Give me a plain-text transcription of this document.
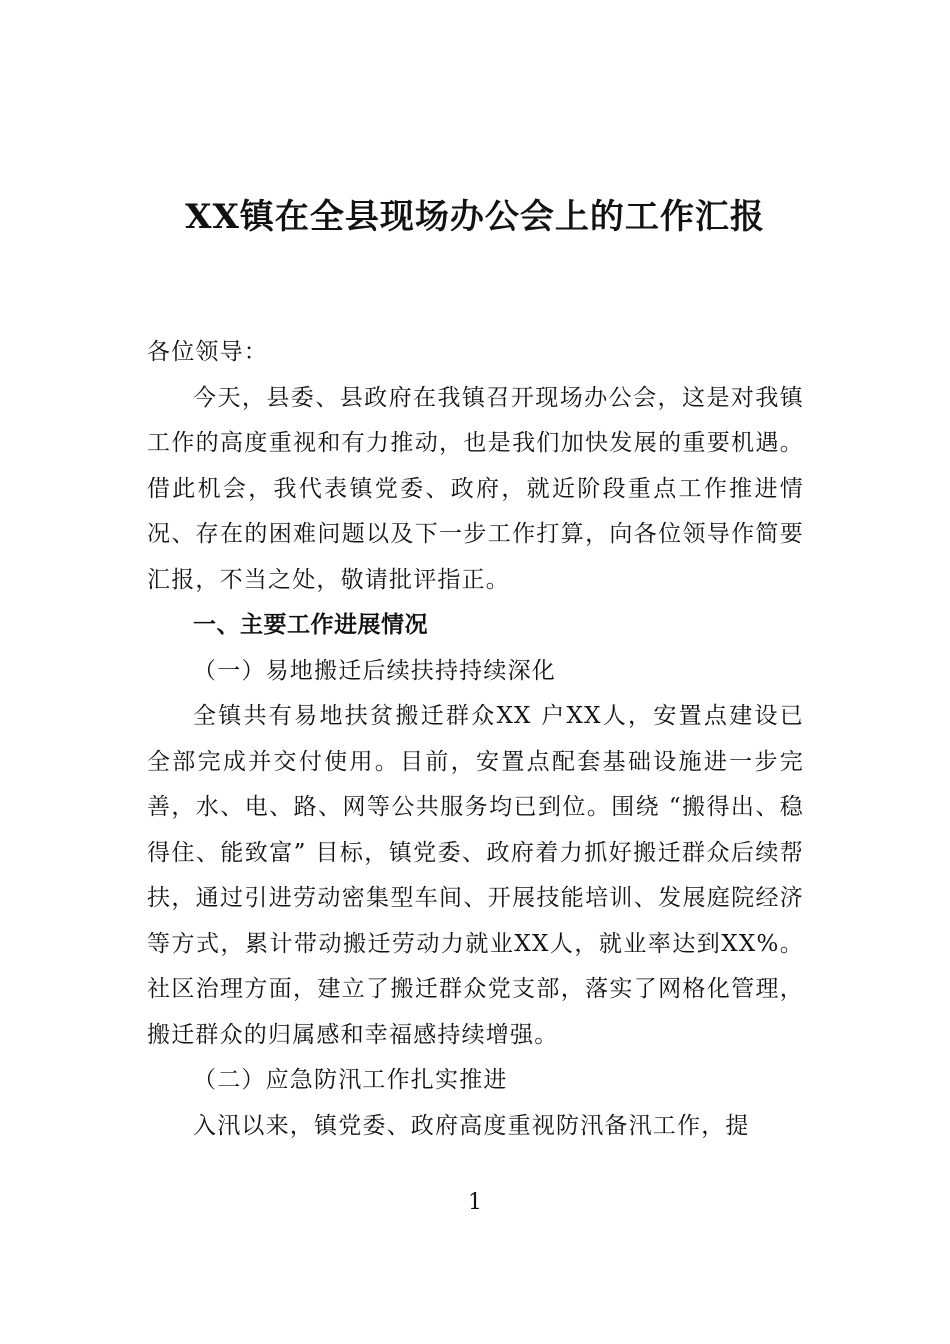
XX镇在全县现场办公会上的工作汇报

各位领导：

今天，县委、县政府在我镇召开现场办公会，这是对我镇工作的高度重视和有力推动，也是我们加快发展的重要机遇。借此机会，我代表镇党委、政府，就近阶段重点工作推进情况、存在的困难问题以及下一步工作打算，向各位领导作简要汇报，不当之处，敬请批评指正。

一、主要工作进展情况

（一）易地搬迁后续扶持持续深化

全镇共有易地扶贫搬迁群众XX 户XX人，安置点建设已全部完成并交付使用。目前，安置点配套基础设施进一步完善，水、电、路、网等公共服务均已到位。围绕 “搬得出、稳得住、能致富” 目标，镇党委、政府着力抓好搬迁群众后续帮扶，通过引进劳动密集型车间、开展技能培训、发展庭院经济等方式，累计带动搬迁劳动力就业XX人，就业率达到XX%。社区治理方面，建立了搬迁群众党支部，落实了网格化管理，搬迁群众的归属感和幸福感持续增强。

（二）应急防汛工作扎实推进

入汛以来，镇党委、政府高度重视防汛备汛工作，提

1
